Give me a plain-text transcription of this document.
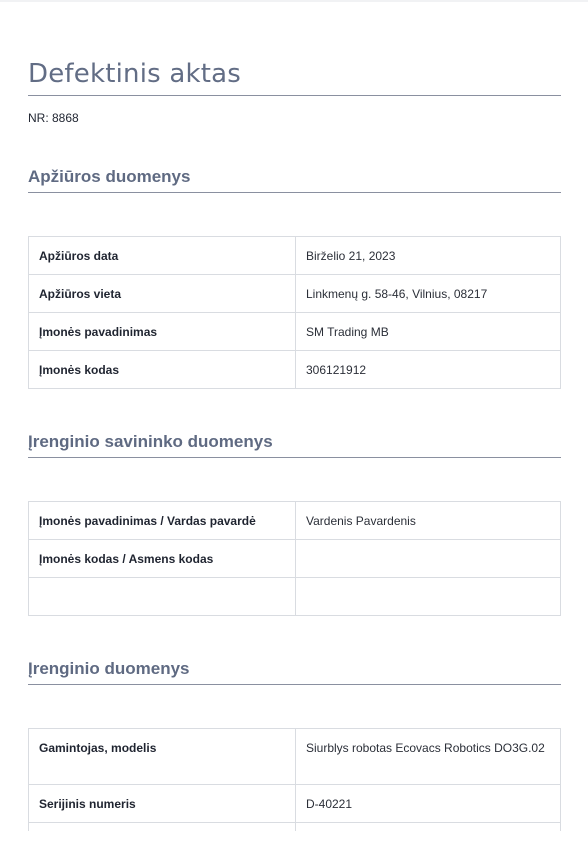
Defektinis aktas
NR: 8868
Apžiūros duomenys
Apžiūros data	Birželio 21, 2023
Apžiūros vieta	Linkmenų g. 58-46, Vilnius, 08217
Įmonės pavadinimas	SM Trading MB
Įmonės kodas	306121912
Įrenginio savininko duomenys
Įmonės pavadinimas / Vardas pavardė	Vardenis Pavardenis
Įmonės kodas / Asmens kodas	

Įrenginio duomenys
Gamintojas, modelis	Siurblys robotas Ecovacs Robotics DO3G.02
Serijinis numeris	D-40221
